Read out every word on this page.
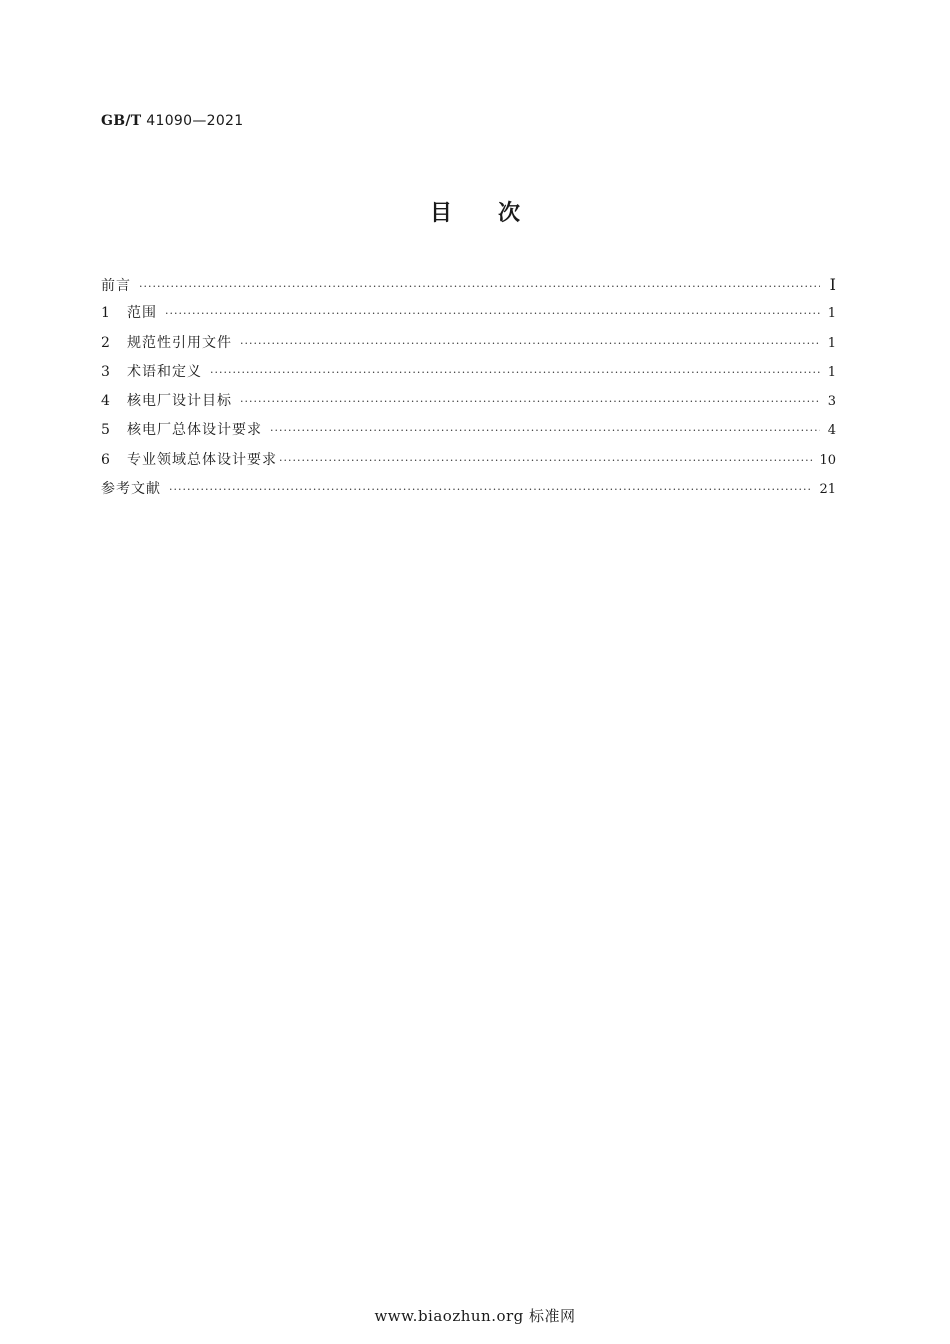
GB/T 41090—2021
目次
前言 ·····	I
1	范围 ·····	1
2	规范性引用文件 ·····	1
3	术语和定义 ·····	1
4	核电厂设计目标 ·····	3
5	核电厂总体设计要求 ·····	4
6	专业领域总体设计要求 ·····	10
参考文献 ·····	21
www.biaozhun.org 标准网
